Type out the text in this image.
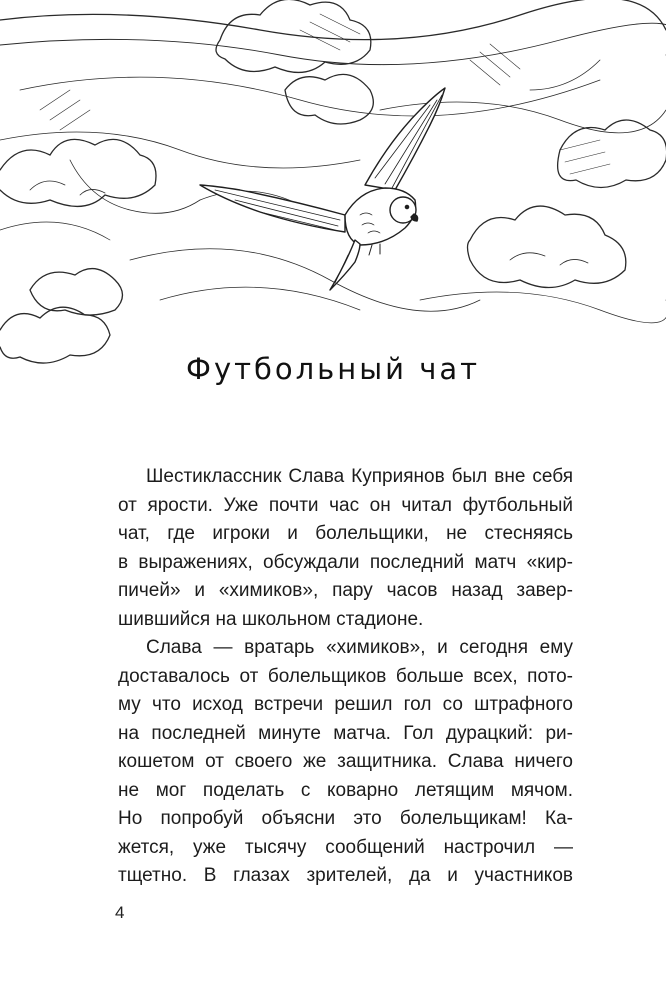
Футбольный чат
Шестиклассник Слава Куприянов был вне себя
от ярости. Уже почти час он читал футбольный
чат, где игроки и болельщики, не стесняясь
в выражениях, обсуждали последний матч «кир-
пичей» и «химиков», пару часов назад завер-
шившийся на школьном стадионе.
Слава — вратарь «химиков», и сегодня ему
доставалось от болельщиков больше всех, пото-
му что исход встречи решил гол со штрафного
на последней минуте матча. Гол дурацкий: ри-
кошетом от своего же защитника. Слава ничего
не мог поделать с коварно летящим мячом.
Но попробуй объясни это болельщикам! Ка-
жется, уже тысячу сообщений настрочил —
тщетно. В глазах зрителей, да и участников
4
